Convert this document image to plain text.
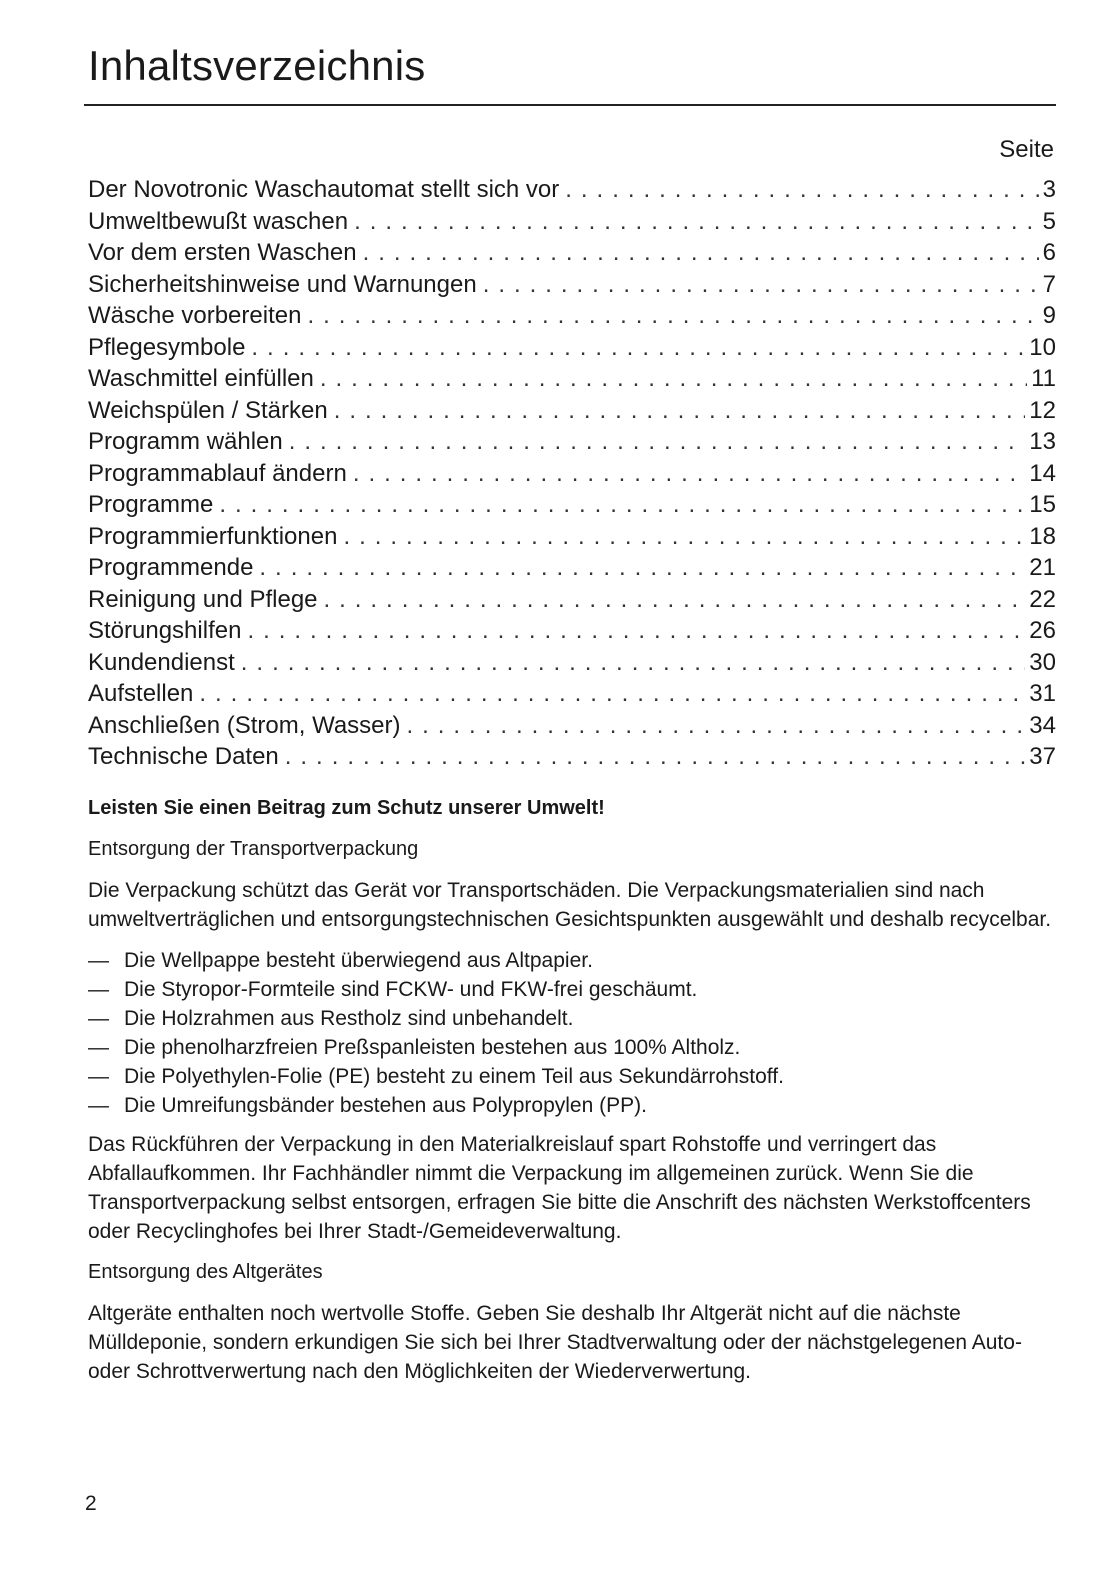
Inhaltsverzeichnis
Seite
Der Novotronic Waschautomat stellt sich vor . . .	3
Umweltbewußt waschen . . .	5
Vor dem ersten Waschen . . .	6
Sicherheitshinweise und Warnungen . . .	7
Wäsche vorbereiten . . .	9
Pflegesymbole . . .	10
Waschmittel einfüllen . . .	11
Weichspülen / Stärken . . .	12
Programm wählen . . .	13
Programmablauf ändern . . .	14
Programme . . .	15
Programmierfunktionen . . .	18
Programmende . . .	21
Reinigung und Pflege . . .	22
Störungshilfen . . .	26
Kundendienst . . .	30
Aufstellen . . .	31
Anschließen (Strom, Wasser) . . .	34
Technische Daten . . .	37

Leisten Sie einen Beitrag zum Schutz unserer Umwelt!

Entsorgung der Transportverpackung

Die Verpackung schützt das Gerät vor Transportschäden. Die Verpackungsmaterialien sind nach umweltverträglichen und entsorgungstechnischen Gesichtspunkten ausgewählt und deshalb recycelbar.

— Die Wellpappe besteht überwiegend aus Altpapier.
— Die Styropor-Formteile sind FCKW- und FKW-frei geschäumt.
— Die Holzrahmen aus Restholz sind unbehandelt.
— Die phenolharzfreien Preßspanleisten bestehen aus 100% Altholz.
— Die Polyethylen-Folie (PE) besteht zu einem Teil aus Sekundärrohstoff.
— Die Umreifungsbänder bestehen aus Polypropylen (PP).

Das Rückführen der Verpackung in den Materialkreislauf spart Rohstoffe und verringert das Abfallaufkommen. Ihr Fachhändler nimmt die Verpackung im allgemeinen zurück. Wenn Sie die Transportverpackung selbst entsorgen, erfragen Sie bitte die Anschrift des nächsten Werkstoffcenters oder Recyclinghofes bei Ihrer Stadt-/Gemeideverwaltung.

Entsorgung des Altgerätes

Altgeräte enthalten noch wertvolle Stoffe. Geben Sie deshalb Ihr Altgerät nicht auf die nächste Mülldeponie, sondern erkundigen Sie sich bei Ihrer Stadtverwaltung oder der nächstgelegenen Auto-oder Schrottverwertung nach den Möglichkeiten der Wiederverwertung.

2
